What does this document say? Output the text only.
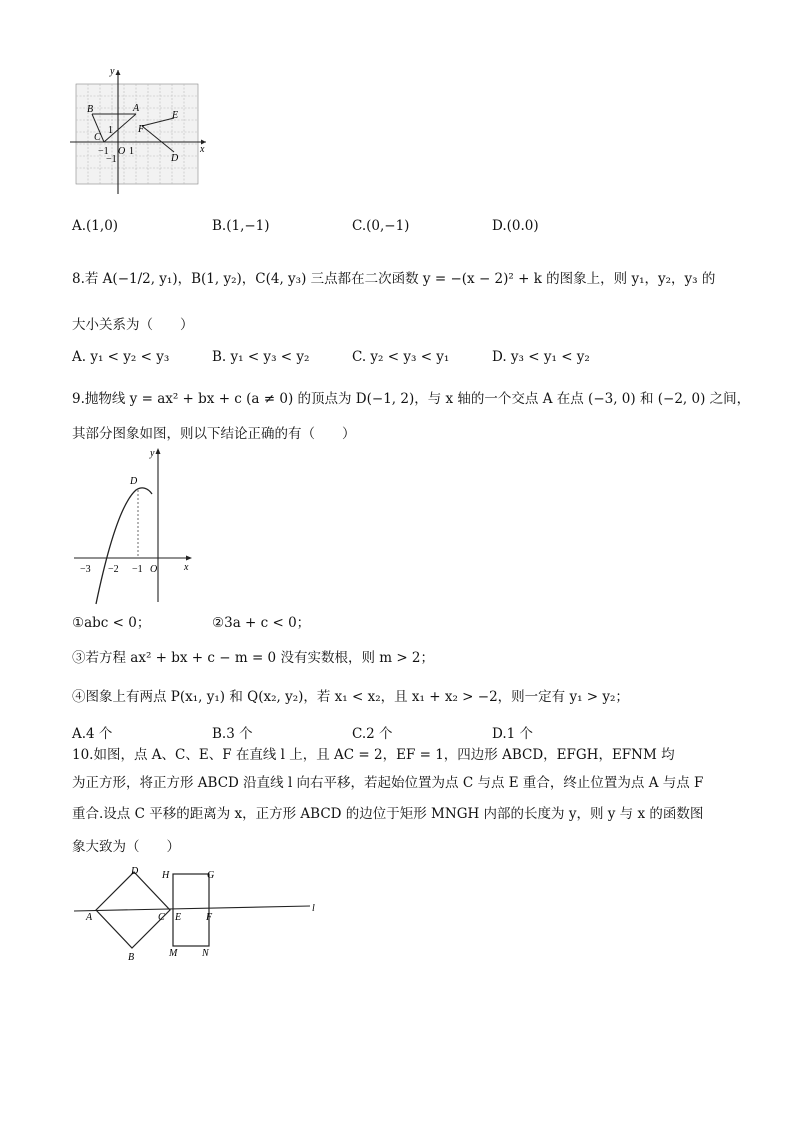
y
x
B	A
C
F
E
D
−1 O 1
1
−1
A.(1,0)	B.(1,−1)	C.(0,−1)	D.(0.0)
8.若 A(−1/2, y₁)，B(1, y₂)，C(4, y₃) 三点都在二次函数 y = −(x − 2)² + k 的图象上，则 y₁，y₂，y₃ 的
大小关系为（　　）
A. y₁ < y₂ < y₃	B. y₁ < y₃ < y₂	C. y₂ < y₃ < y₁	D. y₃ < y₁ < y₂
9.抛物线 y = ax² + bx + c (a ≠ 0) 的顶点为 D(−1, 2)，与 x 轴的一个交点 A 在点 (−3, 0) 和 (−2, 0) 之间，
其部分图象如图，则以下结论正确的有（　　）
y
x
D
−3 −2 −1 O
①abc < 0；	②3a + c < 0；
③若方程 ax² + bx + c − m = 0 没有实数根，则 m > 2；
④图象上有两点 P(x₁, y₁) 和 Q(x₂, y₂)，若 x₁ < x₂，且 x₁ + x₂ > −2，则一定有 y₁ > y₂；
A.4 个	B.3 个	C.2 个	D.1 个
10.如图，点 A、C、E、F 在直线 l 上，且 AC = 2，EF = 1，四边形 ABCD，EFGH，EFNM 均
为正方形，将正方形 ABCD 沿直线 l 向右平移，若起始位置为点 C 与点 E 重合，终止位置为点 A 与点 F
重合.设点 C 平移的距离为 x，正方形 ABCD 的边位于矩形 MNGH 内部的长度为 y，则 y 与 x 的函数图
象大致为（　　）
A
B
C
D
E F
G
H
M N
l
